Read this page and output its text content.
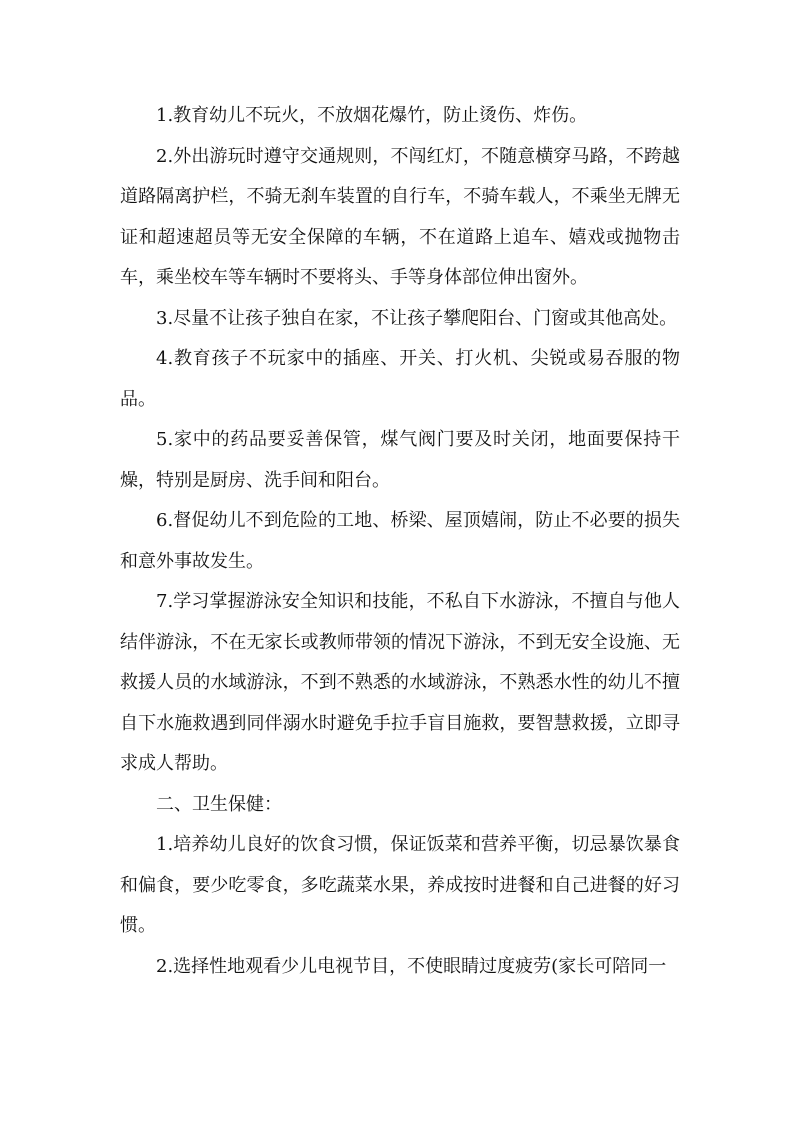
1.教育幼儿不玩火，不放烟花爆竹，防止烫伤、炸伤。

2.外出游玩时遵守交通规则，不闯红灯，不随意横穿马路，不跨越道路隔离护栏，不骑无刹车装置的自行车，不骑车载人，不乘坐无牌无证和超速超员等无安全保障的车辆，不在道路上追车、嬉戏或抛物击车，乘坐校车等车辆时不要将头、手等身体部位伸出窗外。

3.尽量不让孩子独自在家，不让孩子攀爬阳台、门窗或其他高处。

4.教育孩子不玩家中的插座、开关、打火机、尖锐或易吞服的物品。

5.家中的药品要妥善保管，煤气阀门要及时关闭，地面要保持干燥，特别是厨房、洗手间和阳台。

6.督促幼儿不到危险的工地、桥梁、屋顶嬉闹，防止不必要的损失和意外事故发生。

7.学习掌握游泳安全知识和技能，不私自下水游泳，不擅自与他人结伴游泳，不在无家长或教师带领的情况下游泳，不到无安全设施、无救援人员的水域游泳，不到不熟悉的水域游泳，不熟悉水性的幼儿不擅自下水施救遇到同伴溺水时避免手拉手盲目施救，要智慧救援，立即寻求成人帮助。

二、卫生保健：

1.培养幼儿良好的饮食习惯，保证饭菜和营养平衡，切忌暴饮暴食和偏食，要少吃零食，多吃蔬菜水果，养成按时进餐和自己进餐的好习惯。

2.选择性地观看少儿电视节目，不使眼睛过度疲劳(家长可陪同一
